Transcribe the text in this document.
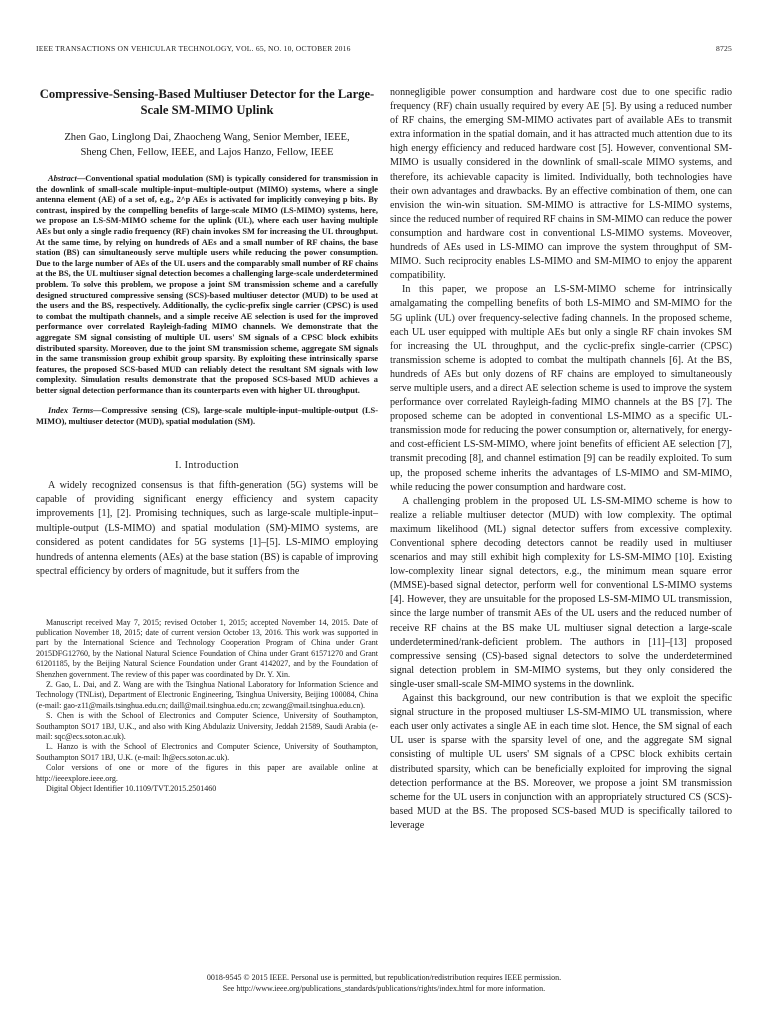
IEEE TRANSACTIONS ON VEHICULAR TECHNOLOGY, VOL. 65, NO. 10, OCTOBER 2016	8725
Compressive-Sensing-Based Multiuser Detector for the Large-Scale SM-MIMO Uplink
Zhen Gao, Linglong Dai, Zhaocheng Wang, Senior Member, IEEE,
Sheng Chen, Fellow, IEEE, and Lajos Hanzo, Fellow, IEEE

Abstract—Conventional spatial modulation (SM) is typically considered for transmission in the downlink of small-scale multiple-input–multiple-output (MIMO) systems, where a single antenna element (AE) of a set of, e.g., 2^p AEs is activated for implicitly conveying p bits. By contrast, inspired by the compelling benefits of large-scale MIMO (LS-MIMO) systems, here, we propose an LS-SM-MIMO scheme for the uplink (UL), where each user having multiple AEs but only a single radio frequency (RF) chain invokes SM for increasing the UL throughput. At the same time, by relying on hundreds of AEs and a small number of RF chains, the base station (BS) can simultaneously serve multiple users while reducing the power consumption. Due to the large number of AEs of the UL users and the comparably small number of RF chains at the BS, the UL multiuser signal detection becomes a challenging large-scale underdetermined problem. To solve this problem, we propose a joint SM transmission scheme and a carefully designed structured compressive sensing (SCS)-based multiuser detector (MUD) to be used at the users and the BS, respectively. Additionally, the cyclic-prefix single carrier (CPSC) is used to combat the multipath channels, and a simple receive AE selection is used for the improved performance over correlated Rayleigh-fading MIMO channels. We demonstrate that the aggregate SM signal consisting of multiple UL users' SM signals of a CPSC block exhibits distributed sparsity. Moreover, due to the joint SM transmission scheme, aggregate SM signals in the same transmission group exhibit group sparsity. By exploiting these intrinsically sparse features, the proposed SCS-based MUD can reliably detect the resultant SM signals with low complexity. Simulation results demonstrate that the proposed SCS-based MUD achieves a better signal detection performance than its counterparts even with higher UL throughput.

Index Terms—Compressive sensing (CS), large-scale multiple-input–multiple-output (LS-MIMO), multiuser detector (MUD), spatial modulation (SM).

I. Introduction

A widely recognized consensus is that fifth-generation (5G) systems will be capable of providing significant energy efficiency and system capacity improvements [1], [2]. Promising techniques, such as large-scale multiple-input–multiple-output (LS-MIMO) and spatial modulation (SM)-MIMO systems, are considered as potent candidates for 5G systems [1]–[5]. LS-MIMO employing hundreds of antenna elements (AEs) at the base station (BS) is capable of improving spectral efficiency by orders of magnitude, but it suffers from the

Manuscript received May 7, 2015; revised October 1, 2015; accepted November 14, 2015. Date of publication November 18, 2015; date of current version October 13, 2016. This work was supported in part by the International Science and Technology Cooperation Program of China under Grant 2015DFG12760, by the National Natural Science Foundation of China under Grant 61571270 and Grant 61201185, by the Beijing Natural Science Foundation under Grant 4142027, and by the Foundation of Shenzhen government. The review of this paper was coordinated by Dr. Y. Xin.

Z. Gao, L. Dai, and Z. Wang are with the Tsinghua National Laboratory for Information Science and Technology (TNList), Department of Electronic Engineering, Tsinghua University, Beijing 100084, China (e-mail: gao-z11@mails.tsinghua.edu.cn; daill@mail.tsinghua.edu.cn; zcwang@mail.tsinghua.edu.cn).

S. Chen is with the School of Electronics and Computer Science, University of Southampton, Southampton SO17 1BJ, U.K., and also with King Abdulaziz University, Jeddah 21589, Saudi Arabia (e-mail: sqc@ecs.soton.ac.uk).

L. Hanzo is with the School of Electronics and Computer Science, University of Southampton, Southampton SO17 1BJ, U.K. (e-mail: lh@ecs.soton.ac.uk).

Color versions of one or more of the figures in this paper are available online at http://ieeexplore.ieee.org.

Digital Object Identifier 10.1109/TVT.2015.2501460

nonnegligible power consumption and hardware cost due to one specific radio frequency (RF) chain usually required by every AE [5]. By using a reduced number of RF chains, the emerging SM-MIMO activates part of available AEs to transmit extra information in the spatial domain, and it has attracted much attention due to its high energy efficiency and reduced hardware cost [5]. However, conventional SM-MIMO is usually considered in the downlink of small-scale MIMO systems, and therefore, its achievable capacity is limited. Individually, both technologies have their own advantages and drawbacks. By an effective combination of them, one can envision the win-win situation. SM-MIMO is attractive for LS-MIMO systems, since the reduced number of required RF chains in SM-MIMO can reduce the power consumption and hardware cost in conventional LS-MIMO systems. Moveover, hundreds of AEs used in LS-MIMO can improve the system throughput of SM-MIMO. Such reciprocity enables LS-MIMO and SM-MIMO to enjoy the apparent compatibility.

In this paper, we propose an LS-SM-MIMO scheme for intrinsically amalgamating the compelling benefits of both LS-MIMO and SM-MIMO for the 5G uplink (UL) over frequency-selective fading channels. In the proposed scheme, each UL user equipped with multiple AEs but only a single RF chain invokes SM for increasing the UL throughput, and the cyclic-prefix single-carrier (CPSC) transmission scheme is adopted to combat the multipath channels [6]. At the BS, hundreds of AEs but only dozens of RF chains are employed to simultaneously serve multiple users, and a direct AE selection scheme is used to improve the system performance over correlated Rayleigh-fading MIMO channels at the BS [7]. The proposed scheme can be adopted in conventional LS-MIMO as a specific UL-transmission mode for reducing the power consumption or, alternatively, for energy- and cost-efficient LS-SM-MIMO, where joint benefits of efficient AE selection [7], transmit precoding [8], and channel estimation [9] can be readily exploited. To sum up, the proposed scheme inherits the advantages of LS-MIMO and SM-MIMO, while reducing the power consumption and hardware cost.

A challenging problem in the proposed UL LS-SM-MIMO scheme is how to realize a reliable multiuser detector (MUD) with low complexity. The optimal maximum likelihood (ML) signal detector suffers from excessive complexity. Conventional sphere decoding detectors cannot be readily used in multiuser scenarios and may still exhibit high complexity for LS-SM-MIMO [10]. Existing low-complexity linear signal detectors, e.g., the minimum mean square error (MMSE)-based signal detector, perform well for conventional LS-MIMO systems [4]. However, they are unsuitable for the proposed LS-SM-MIMO UL transmission, since the large number of transmit AEs of the UL users and the reduced number of receive RF chains at the BS make UL multiuser signal detection a large-scale underdetermined/rank-deficient problem. The authors in [11]–[13] proposed compressive sensing (CS)-based signal detectors to solve the underdetermined signal detection problem in SM-MIMO systems, but they only considered the single-user small-scale SM-MIMO systems in the downlink.

Against this background, our new contribution is that we exploit the specific signal structure in the proposed multiuser LS-SM-MIMO UL transmission, where each user only activates a single AE in each time slot. Hence, the SM signal of each UL user is sparse with the sparsity level of one, and the aggregate SM signal consisting of multiple UL users' SM signals of a CPSC block exhibits certain distributed sparsity, which can be beneficially exploited for improving the signal detection performance at the BS. Moreover, we propose a joint SM transmission scheme for the UL users in conjunction with an appropriately structured CS (SCS)-based MUD at the BS. The proposed SCS-based MUD is specifically tailored to leverage

0018-9545 © 2015 IEEE. Personal use is permitted, but republication/redistribution requires IEEE permission.
See http://www.ieee.org/publications_standards/publications/rights/index.html for more information.
